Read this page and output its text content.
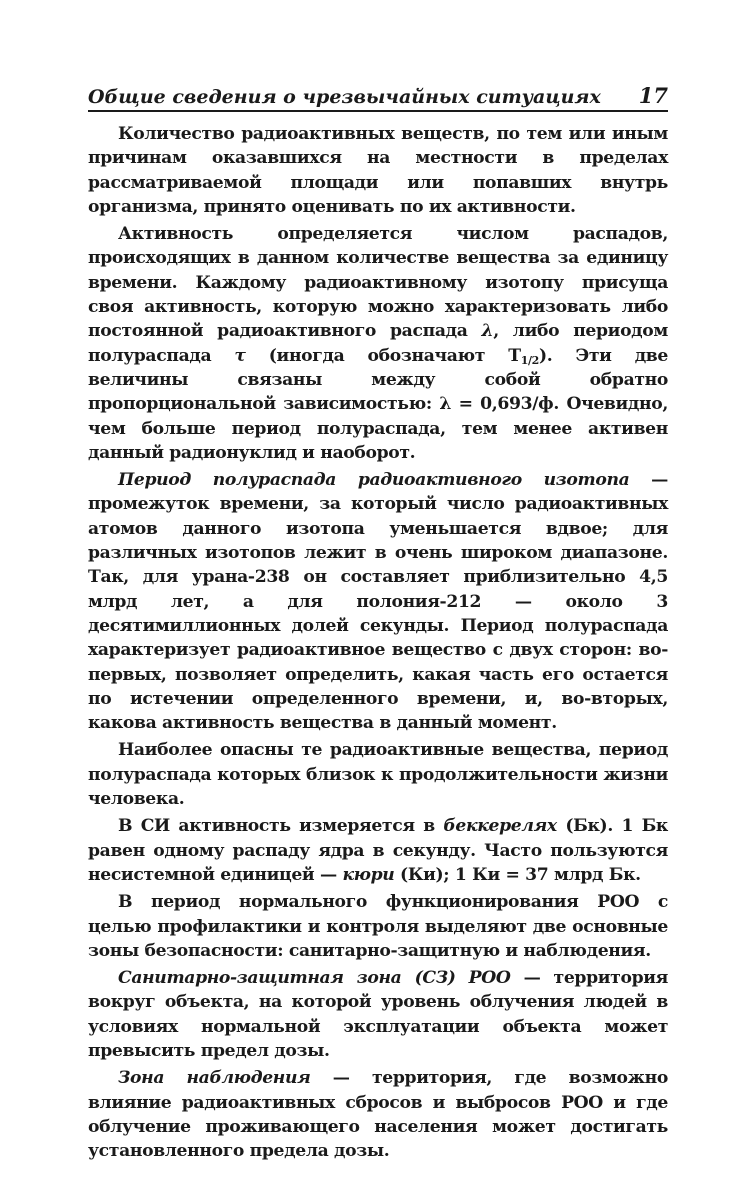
Общие сведения о чрезвычайных ситуациях 17

Количество радиоактивных веществ, по тем или иным причинам оказавшихся на местности в пределах рассматриваемой площади или попавших внутрь организма, принято оценивать по их активности.

Активность определяется числом распадов, происходящих в данном количестве вещества за единицу времени. Каждому радиоактивному изотопу присуща своя активность, которую можно характеризовать либо постоянной радиоактивного распада λ, либо периодом полураспада τ (иногда обозначают $T_{1/2}$). Эти две величины связаны между собой обратно пропорциональной зависимостью: λ = 0,693/ф. Очевидно, чем больше период полураспада, тем менее активен данный радионуклид и наоборот.

Период полураспада радиоактивного изотопа — промежуток времени, за который число радиоактивных атомов данного изотопа уменьшается вдвое; для различных изотопов лежит в очень широком диапазоне. Так, для урана-238 он составляет приблизительно 4,5 млрд лет, а для полония-212 — около 3 десятимиллионных долей секунды. Период полураспада характеризует радиоактивное вещество с двух сторон: во-первых, позволяет определить, какая часть его остается по истечении определенного времени, и, во-вторых, какова активность вещества в данный момент.

Наиболее опасны те радиоактивные вещества, период полураспада которых близок к продолжительности жизни человека.

В СИ активность измеряется в беккерелях (Бк). 1 Бк равен одному распаду ядра в секунду. Часто пользуются несистемной единицей — кюри (Ки); 1 Ки = 37 млрд Бк.

В период нормального функционирования РОО с целью профилактики и контроля выделяют две основные зоны безопасности: санитарно-защитную и наблюдения.

Санитарно-защитная зона (СЗ) РОО — территория вокруг объекта, на которой уровень облучения людей в условиях нормальной эксплуатации объекта может превысить предел дозы.

Зона наблюдения — территория, где возможно влияние радиоактивных сбросов и выбросов РОО и где облучение проживающего населения может достигать установленного предела дозы.
